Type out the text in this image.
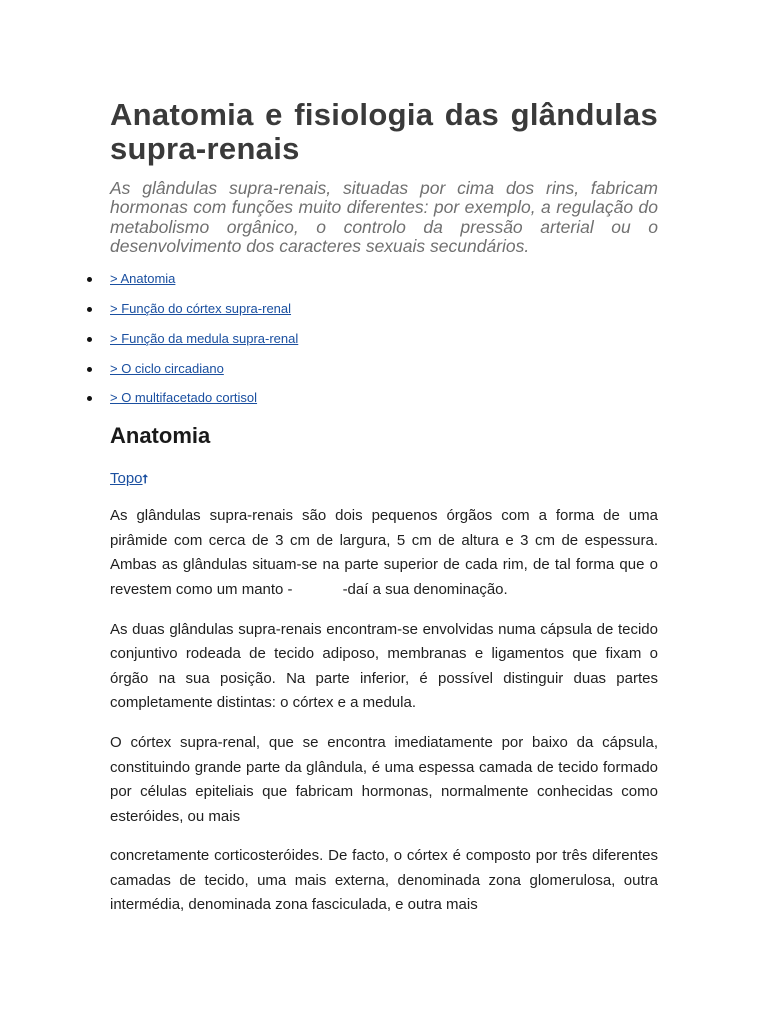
Anatomia e fisiologia das glândulas supra-renais

As glândulas supra-renais, situadas por cima dos rins, fabricam hormonas com funções muito diferentes: por exemplo, a regulação do metabolismo orgânico, o controlo da pressão arterial ou o desenvolvimento dos caracteres sexuais secundários.

> Anatomia
> Função do córtex supra-renal
> Função da medula supra-renal
> O ciclo circadiano
> O multifacetado cortisol
Anatomia
Topo⭡

As glândulas supra-renais são dois pequenos órgãos com a forma de uma pirâmide com cerca de 3 cm de largura, 5 cm de altura e 3 cm de espessura. Ambas as glândulas situam-se na parte superior de cada rim, de tal forma que o revestem como um manto -	-daí a sua denominação.

As duas glândulas supra-renais encontram-se envolvidas numa cápsula de tecido conjuntivo rodeada de tecido adiposo, membranas e ligamentos que fixam o órgão na sua posição. Na parte inferior, é possível distinguir duas partes completamente distintas: o córtex e a medula.

O córtex supra-renal, que se encontra imediatamente por baixo da cápsula, constituindo grande parte da glândula, é uma espessa camada de tecido formado por células epiteliais que fabricam hormonas, normalmente conhecidas como esteróides, ou mais

concretamente corticosteróides. De facto, o córtex é composto por três diferentes camadas de tecido, uma mais externa, denominada zona glomerulosa, outra intermédia, denominada zona fasciculada, e outra mais
